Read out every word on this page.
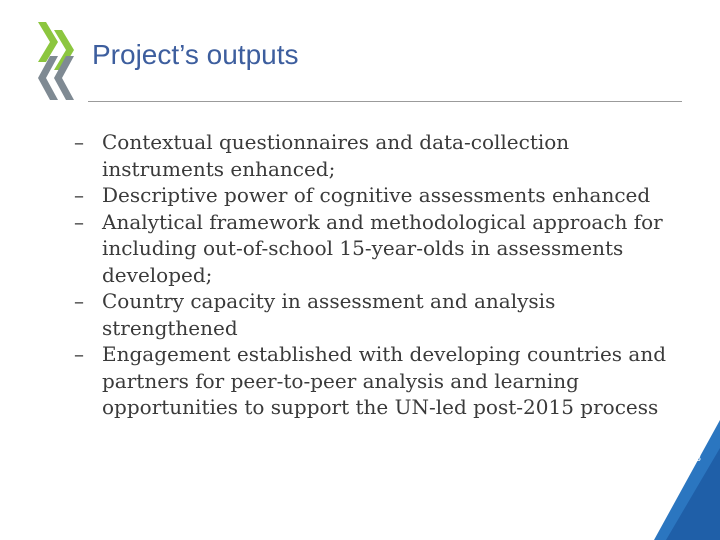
Project’s outputs
– Contextual questionnaires and data-collection instruments enhanced;
– Descriptive power of cognitive assessments enhanced
– Analytical framework and methodological approach for including out-of-school 15-year-olds in assessments developed;
– Country capacity in assessment and analysis strengthened
– Engagement established with developing countries and partners for peer-to-peer analysis and learning opportunities to support the UN-led post-2015 process
68
